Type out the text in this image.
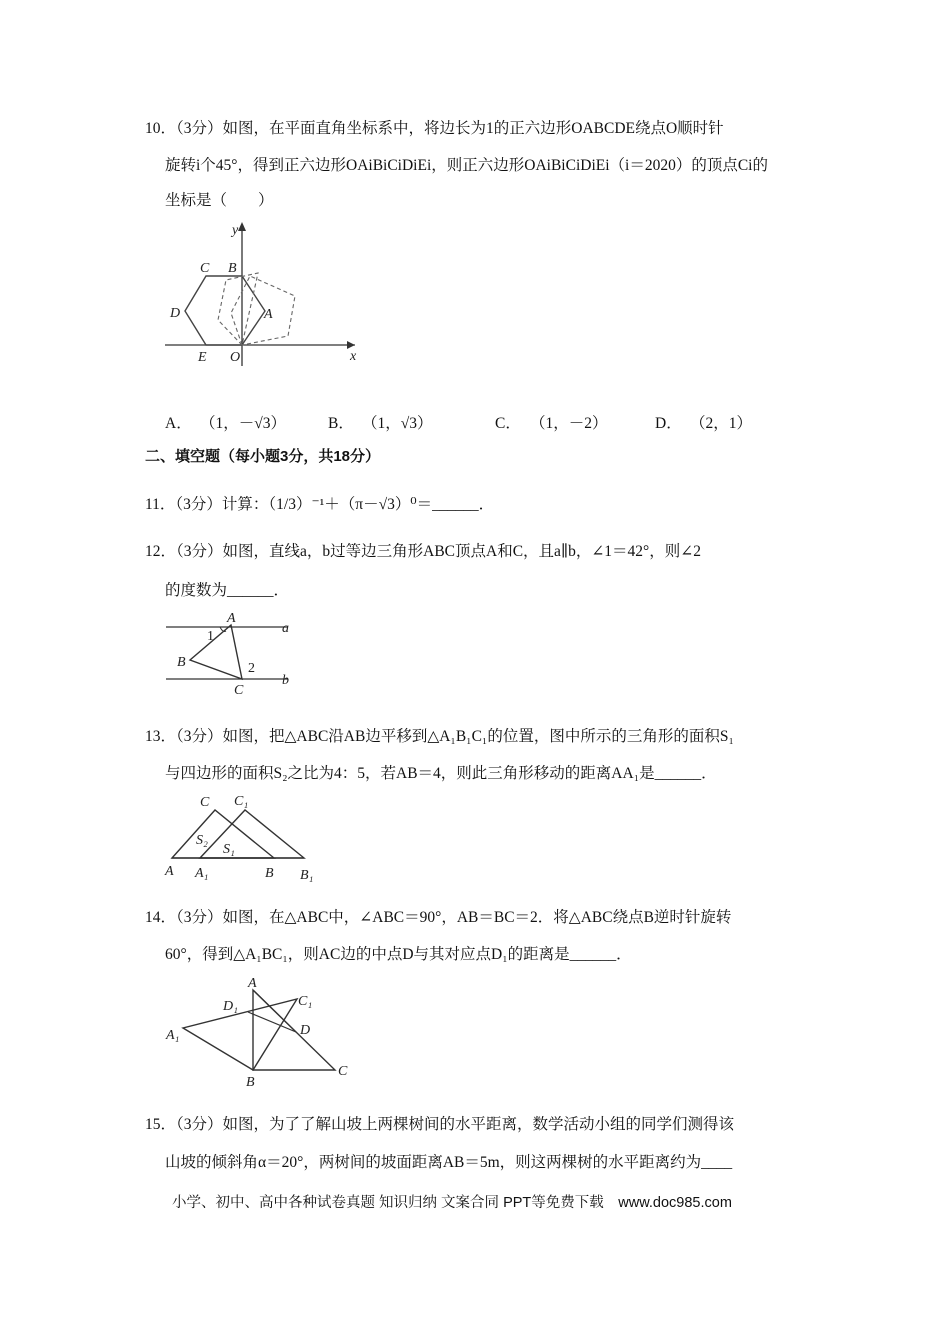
10．（3分）如图，在平面直角坐标系中，将边长为1的正六边形OABCDE绕点O顺时针
旋转i个45°，得到正六边形OAiBiCiDiEi，则正六边形OAiBiCiDiEi（i＝2020）的顶点Ci的
坐标是（　　）
y
x
C B
D	A
E O
A． （1，－√3）	B． （1，√3）	C． （1，－2）	D． （2，1）
二、填空题（每小题3分，共18分）
11．（3分）计算：（1/3）⁻¹＋（π－√3）⁰＝______．
12．（3分）如图，直线a，b过等边三角形ABC顶点A和C，且a∥b，∠1＝42°，则∠2
的度数为______．
A
a
1
B	2
C
b
13．（3分）如图，把△ABC沿AB边平移到△A₁B₁C₁的位置，图中所示的三角形的面积S₁
与四边形的面积S₂之比为4：5，若AB＝4，则此三角形移动的距离AA₁是______．
C C₁
S₂
S₁
A A₁	B B₁
14．（3分）如图，在△ABC中，∠ABC＝90°，AB＝BC＝2．将△ABC绕点B逆时针旋转
60°，得到△A₁BC₁，则AC边的中点D与其对应点D₁的距离是______．
A
D₁	C₁
D
A₁
B
C
15．（3分）如图，为了了解山坡上两棵树间的水平距离，数学活动小组的同学们测得该
山坡的倾斜角α＝20°，两树间的坡面距离AB＝5m，则这两棵树的水平距离约为____
小学、初中、高中各种试卷真题 知识归纳 文案合同 PPT等免费下载　www.doc985.com
